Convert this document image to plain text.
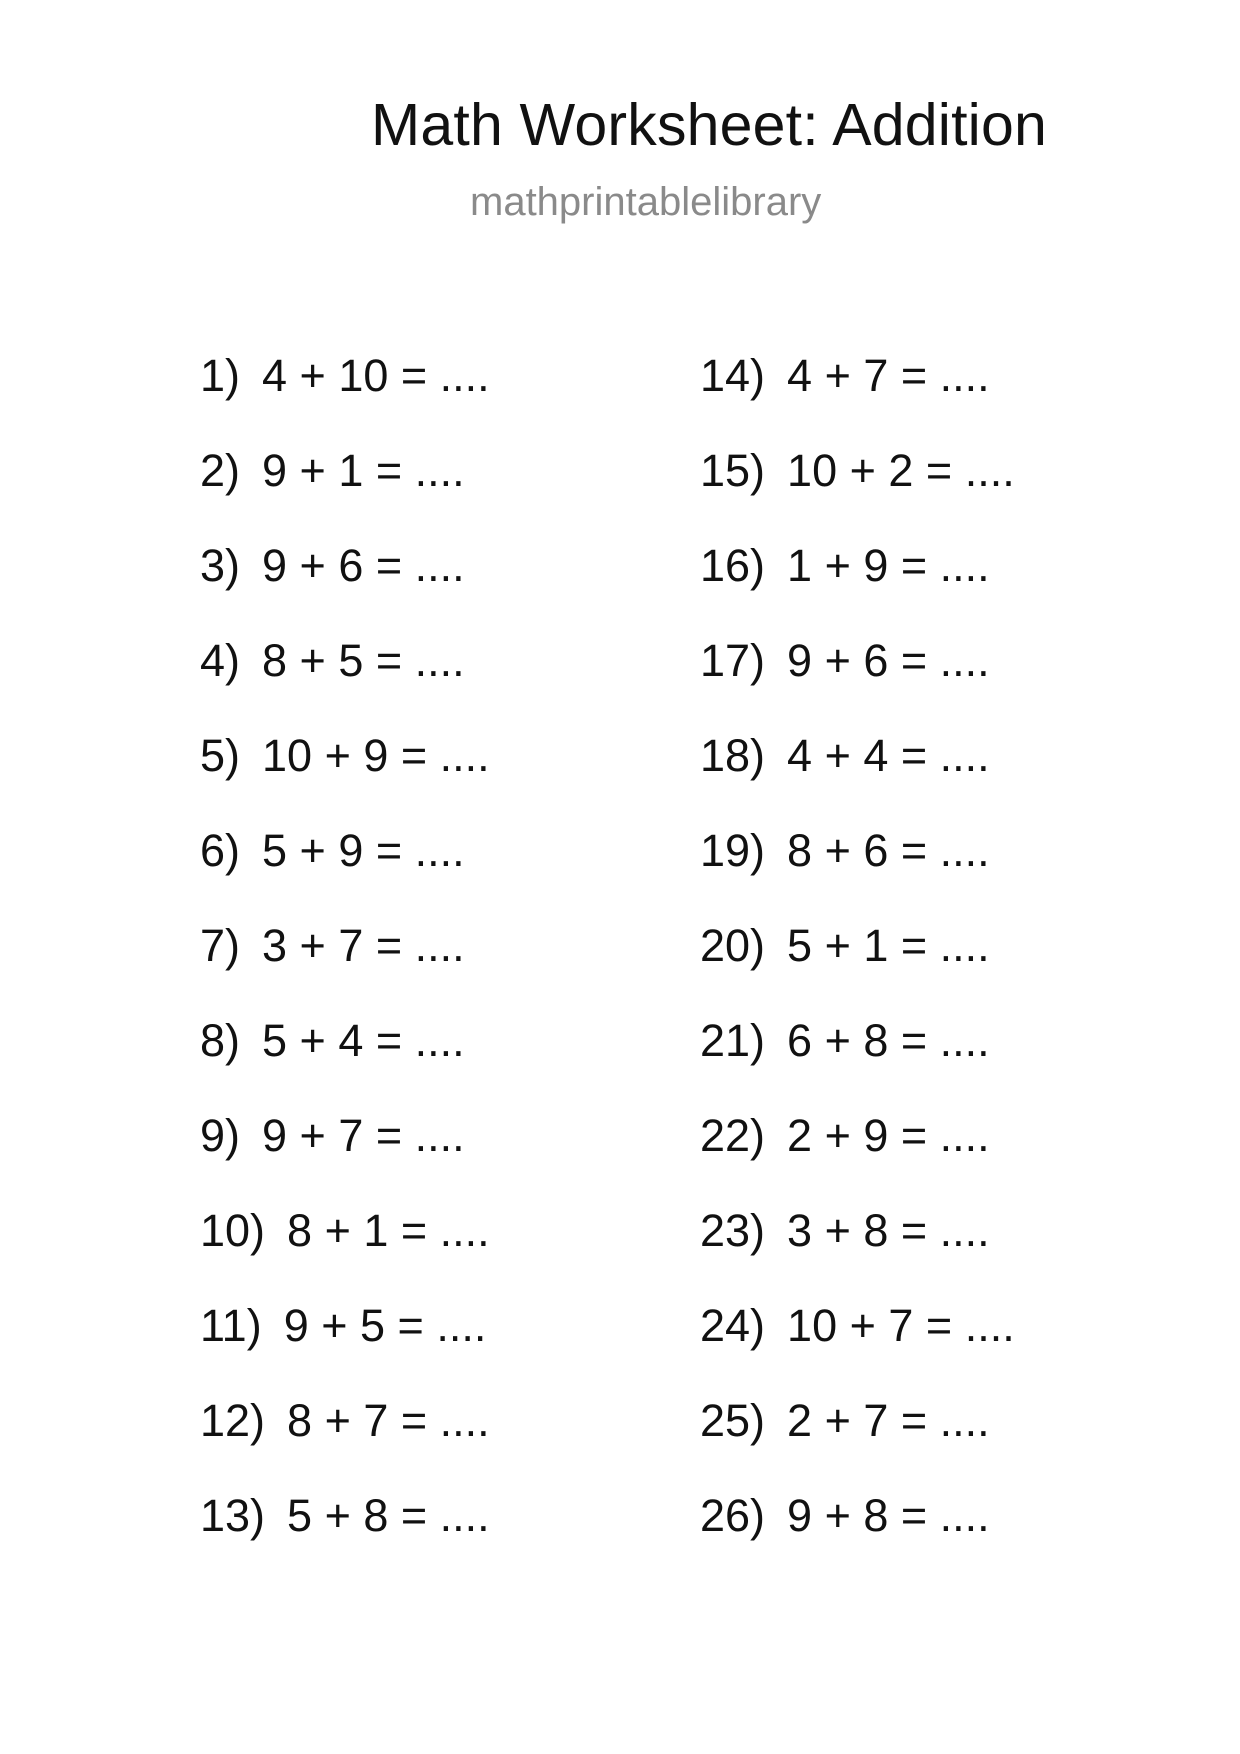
Math Worksheet: Addition
mathprintablelibrary
1) 4 + 10 = ....
2) 9 + 1 = ....
3) 9 + 6 = ....
4) 8 + 5 = ....
5) 10 + 9 = ....
6) 5 + 9 = ....
7) 3 + 7 = ....
8) 5 + 4 = ....
9) 9 + 7 = ....
10) 8 + 1 = ....
11) 9 + 5 = ....
12) 8 + 7 = ....
13) 5 + 8 = ....
14) 4 + 7 = ....
15) 10 + 2 = ....
16) 1 + 9 = ....
17) 9 + 6 = ....
18) 4 + 4 = ....
19) 8 + 6 = ....
20) 5 + 1 = ....
21) 6 + 8 = ....
22) 2 + 9 = ....
23) 3 + 8 = ....
24) 10 + 7 = ....
25) 2 + 7 = ....
26) 9 + 8 = ....
